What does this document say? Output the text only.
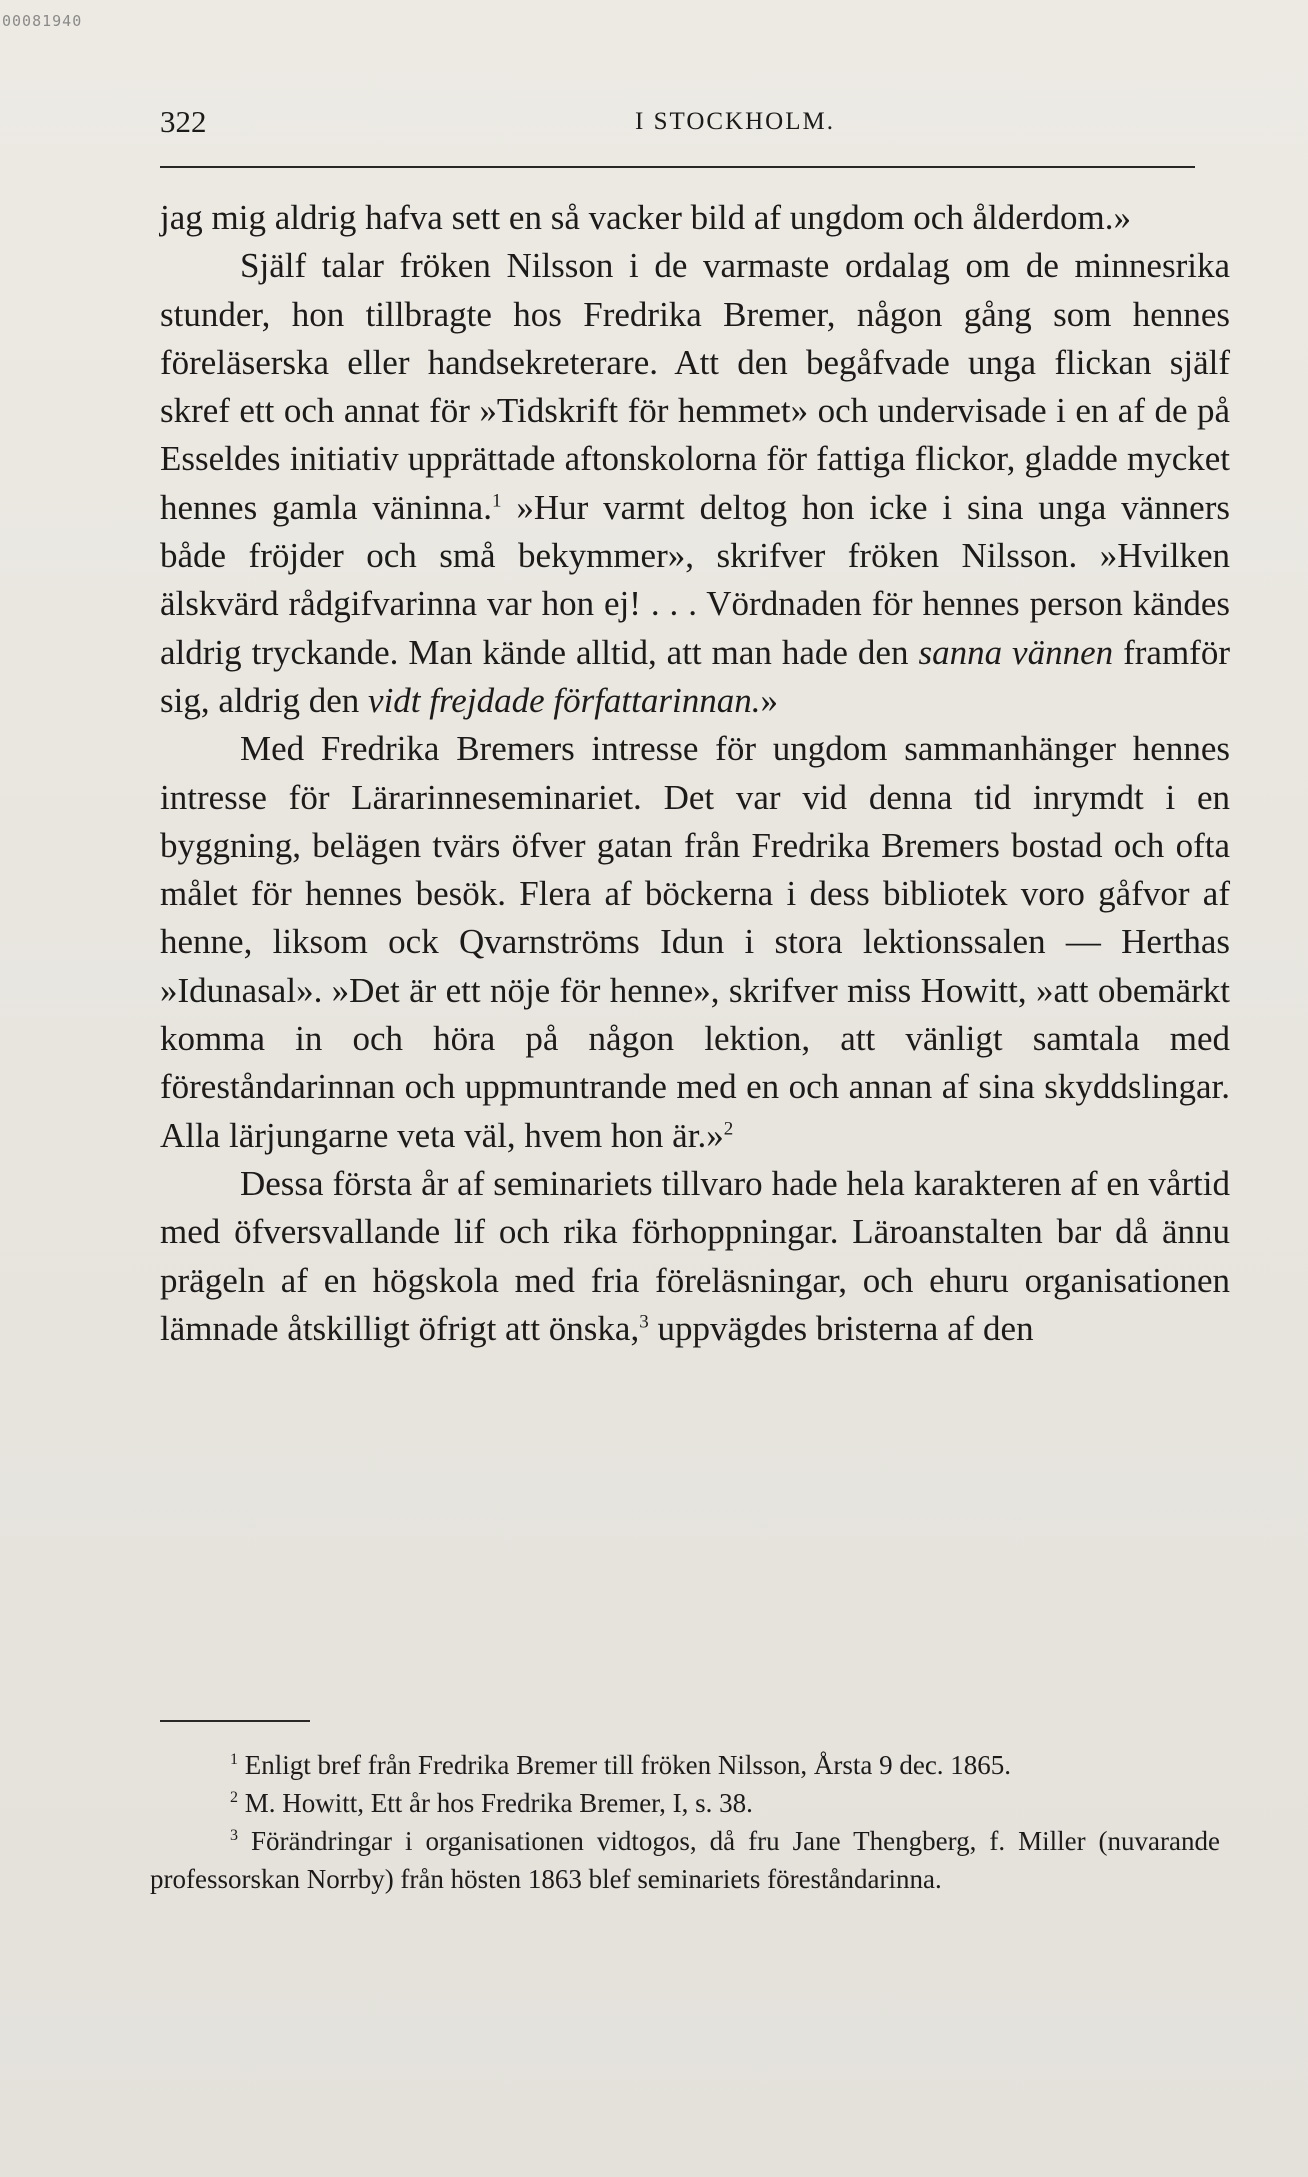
00081940
322	I STOCKHOLM.

jag mig aldrig hafva sett en så vacker bild af ungdom och ålderdom.»

Själf talar fröken Nilsson i de varmaste ordalag om de minnesrika stunder, hon tillbragte hos Fredrika Bremer, någon gång som hennes föreläserska eller handsekreterare. Att den begåfvade unga flickan själf skref ett och annat för »Tidskrift för hemmet» och undervisade i en af de på Esseldes initiativ upprättade aftonskolorna för fattiga flickor, gladde mycket hennes gamla väninna.$^1$ »Hur varmt deltog hon icke i sina unga vänners både fröjder och små bekymmer», skrifver fröken Nilsson. »Hvilken älskvärd rådgifvarinna var hon ej! . . . Vördnaden för hennes person kändes aldrig tryckande. Man kände alltid, att man hade den sanna vännen framför sig, aldrig den vidt frejdade författarinnan.»

Med Fredrika Bremers intresse för ungdom sammanhänger hennes intresse för Lärarinneseminariet. Det var vid denna tid inrymdt i en byggning, belägen tvärs öfver gatan från Fredrika Bremers bostad och ofta målet för hennes besök. Flera af böckerna i dess bibliotek voro gåfvor af henne, liksom ock Qvarnströms Idun i stora lektionssalen — Herthas »Idunasal». »Det är ett nöje för henne», skrifver miss Howitt, »att obemärkt komma in och höra på någon lektion, att vänligt samtala med föreståndarinnan och uppmuntrande med en och annan af sina skyddslingar. Alla lärjungarne veta väl, hvem hon är.»$^2$

Dessa första år af seminariets tillvaro hade hela karakteren af en vårtid med öfversvallande lif och rika förhoppningar. Läroanstalten bar då ännu prägeln af en högskola med fria föreläsningar, och ehuru organisationen lämnade åtskilligt öfrigt att önska,$^3$ uppvägdes bristerna af den

$^1$ Enligt bref från Fredrika Bremer till fröken Nilsson, Årsta 9 dec. 1865.

$^2$ M. Howitt, Ett år hos Fredrika Bremer, I, s. 38.

$^3$ Förändringar i organisationen vidtogos, då fru Jane Thengberg, f. Miller (nuvarande professorskan Norrby) från hösten 1863 blef seminariets föreståndarinna.
